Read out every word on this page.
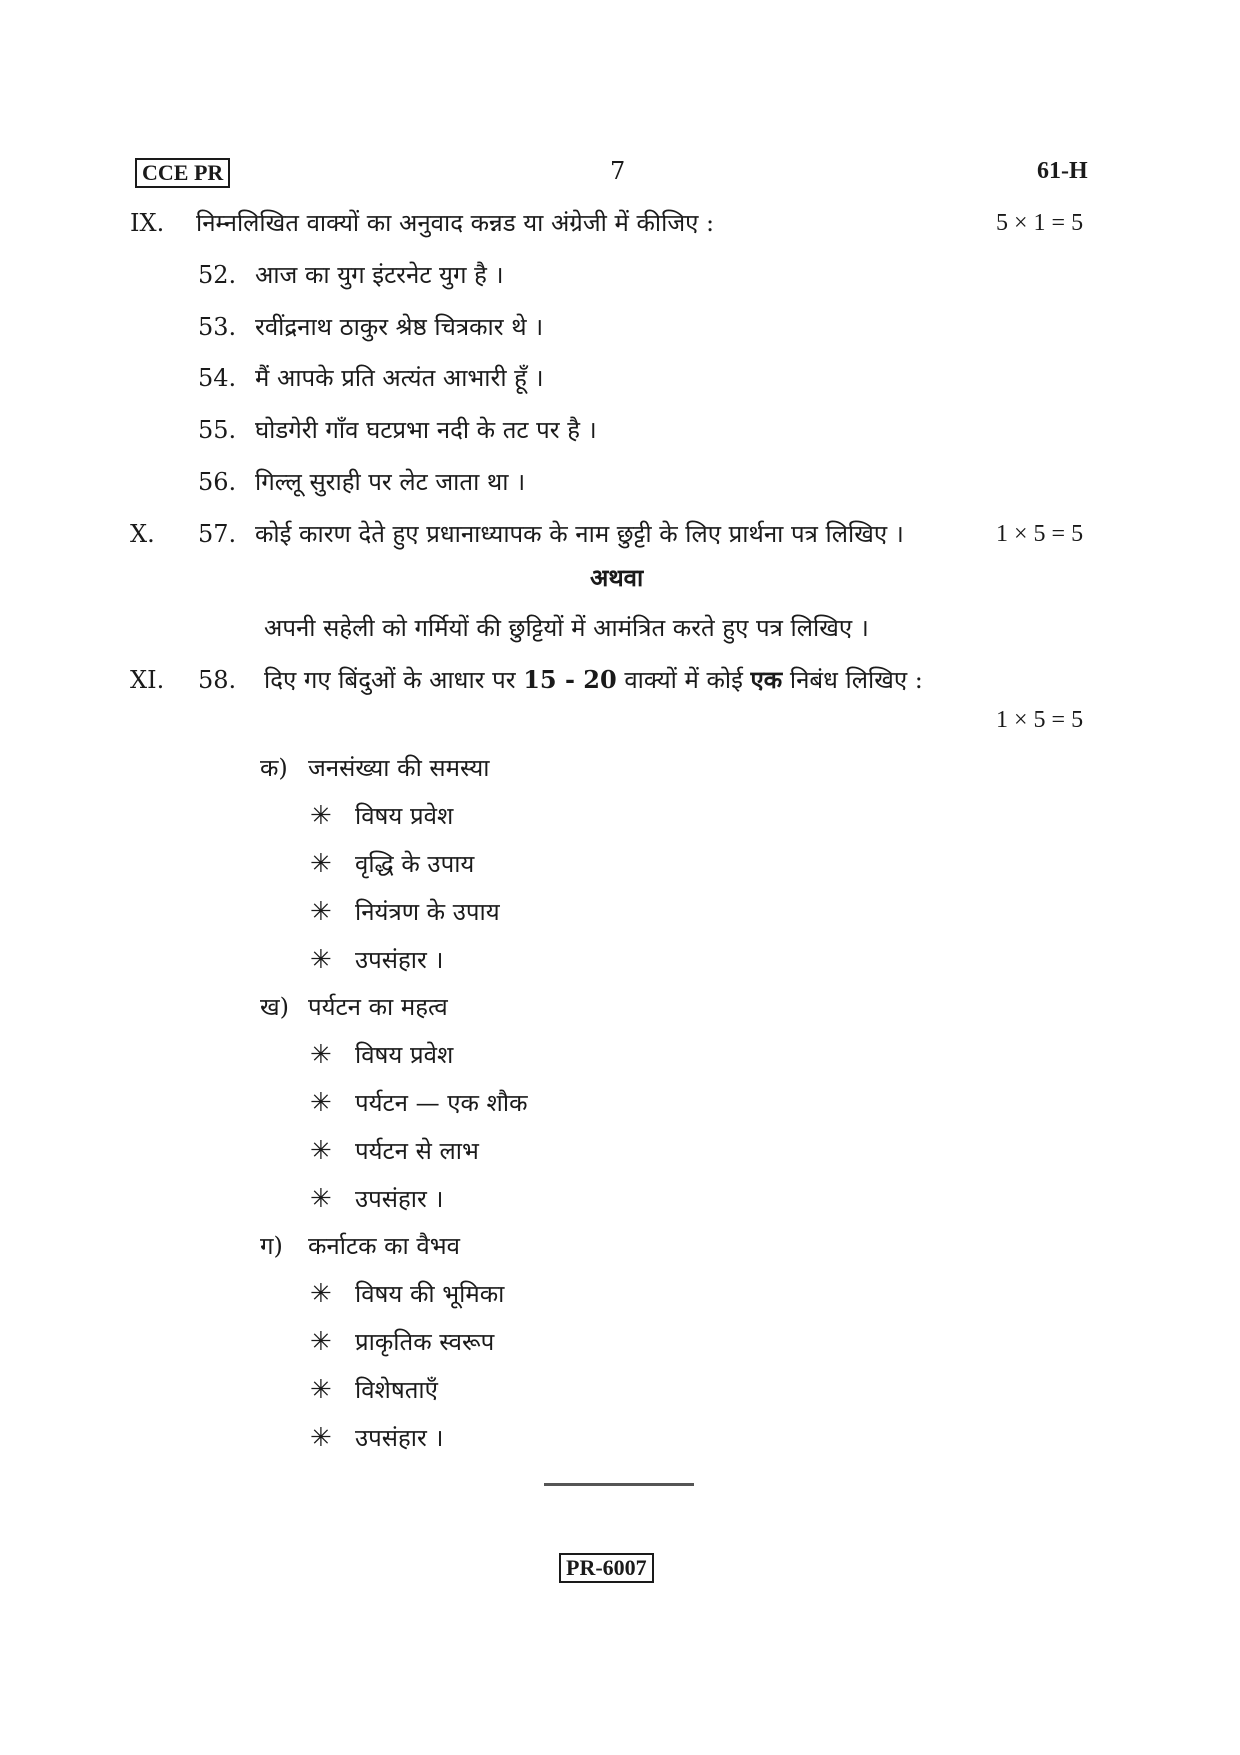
CCE PR	7	61-H
IX. निम्नलिखित वाक्यों का अनुवाद कन्नड या अंग्रेजी में कीजिए :	5 × 1 = 5
52. आज का युग इंटरनेट युग है ।
53. रवींद्रनाथ ठाकुर श्रेष्ठ चित्रकार थे ।
54. मैं आपके प्रति अत्यंत आभारी हूँ ।
55. घोडगेरी गाँव घटप्रभा नदी के तट पर है ।
56. गिल्लू सुराही पर लेट जाता था ।
X. 57. कोई कारण देते हुए प्रधानाध्यापक के नाम छुट्टी के लिए प्रार्थना पत्र लिखिए ।	1 × 5 = 5
अथवा
अपनी सहेली को गर्मियों की छुट्टियों में आमंत्रित करते हुए पत्र लिखिए ।
XI. 58. दिए गए बिंदुओं के आधार पर 15 - 20 वाक्यों में कोई एक निबंध लिखिए :
1 × 5 = 5
क) जनसंख्या की समस्या
✳ विषय प्रवेश
✳ वृद्धि के उपाय
✳ नियंत्रण के उपाय
✳ उपसंहार ।
ख) पर्यटन का महत्व
✳ विषय प्रवेश
✳ पर्यटन — एक शौक
✳ पर्यटन से लाभ
✳ उपसंहार ।
ग) कर्नाटक का वैभव
✳ विषय की भूमिका
✳ प्राकृतिक स्वरूप
✳ विशेषताएँ
✳ उपसंहार ।
PR-6007
